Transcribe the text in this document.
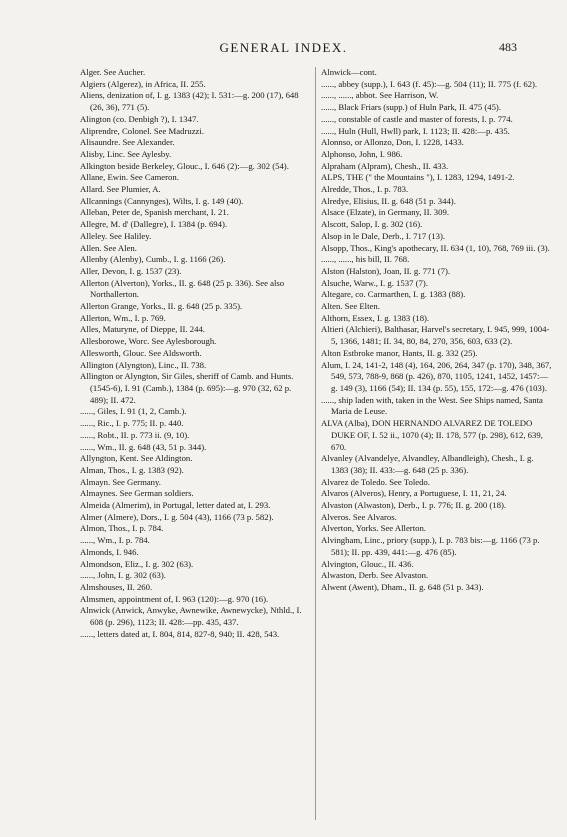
GENERAL INDEX.	483

Alger. See Aucher.

Algiers (Algerez), in Africa, II. 255.

Aliens, denization of, I. g. 1383 (42); I. 531:—g. 200 (17), 648 (26, 36), 771 (5).

Alington (co. Denbigh ?), I. 1347.

Aliprendre, Colonel. See Madruzzi.

Alisaundre. See Alexander.

Alisby, Linc. See Aylesby.

Alkington beside Berkeley, Glouc., I. 646 (2):—g. 302 (54).

Allane, Ewin. See Cameron.

Allard. See Plumier, A.

Allcannings (Cannynges), Wilts, I. g. 149 (40).

Alleban, Peter de, Spanish merchant, I. 21.

Allegre, M. d' (Dallegre), I. 1384 (p. 694).

Alleley. See Haliley.

Allen. See Alen.

Allenby (Alenby), Cumb., I. g. 1166 (26).

Aller, Devon, I. g. 1537 (23).

Allerton (Alverton), Yorks., II. g. 648 (25 p. 336). See also Northallerton.

Allerton Grange, Yorks., II. g. 648 (25 p. 335).

Allerton, Wm., I. p. 769.

Alles, Maturyne, of Dieppe, II. 244.

Allesborowe, Worc. See Aylesborough.

Allesworth, Glouc. See Aldsworth.

Allington (Alyngton), Linc., II. 738.

Allington or Alyngton, Sir Giles, sheriff of Camb. and Hunts. (1545-6), I. 91 (Camb.), 1384 (p. 695):—g. 970 (32, 62 p. 489); II. 472.

......, Giles, I. 91 (1, 2, Camb.).

......, Ric., I. p. 775; II. p. 440.

......, Robt., II. p. 773 ii. (9, 10).

......, Wm., II. g. 648 (43, 51 p. 344).

Allyngton, Kent. See Aldington.

Alman, Thos., I. g. 1383 (92).

Almayn. See Germany.

Almaynes. See German soldiers.

Almeida (Almerim), in Portugal, letter dated at, I. 293.

Almer (Almere), Dors., I. g. 504 (43), 1166 (73 p. 582).

Almon, Thos., I. p. 784.

......, Wm., I. p. 784.

Almonds, I. 946.

Almondson, Eliz., I. g. 302 (63).

......, John, I. g. 302 (63).

Almshouses, II. 260.

Almsmen, appointment of, I. 963 (120):—g. 970 (16).

Alnwick (Anwick, Anwyke, Awnewike, Awnewycke), Nthld., I. 608 (p. 296), 1123; II. 428:—pp. 435, 437.

......, letters dated at, I. 804, 814, 827-8, 940; II. 428, 543.

Alnwick—cont.

......, abbey (supp.), I. 643 (f. 45):—g. 504 (11); II. 775 (f. 62).

......, ......, abbot. See Harrison, W.

......, Black Friars (supp.) of Huln Park, II. 475 (45).

......, constable of castle and master of forests, I. p. 774.

......, Huln (Hull, Hwll) park, I. 1123; II. 428:—p. 435.

Alonnso, or Allonzo, Don, I. 1228, 1433.

Alphonso, John, I. 986.

Alpraham (Alpram), Chesh., II. 433.

ALPS, THE (" the Mountains "), I. 1283, 1294, 1491-2.

Alredde, Thos., I. p. 783.

Alredye, Elisius, II. g. 648 (51 p. 344).

Alsace (Elzate), in Germany, II. 309.

Alscott, Salop, I. g. 302 (16).

Alsop in le Dale, Derb., I. 717 (13).

Alsopp, Thos., King's apothecary, II. 634 (1, 10), 768, 769 iii. (3).

......, ......, his bill, II. 768.

Alston (Halston), Joan, II. g. 771 (7).

Alsuche, Warw., I. g. 1537 (7).

Altegare, co. Carmarthen, I. g. 1383 (88).

Alten. See Elten.

Althorn, Essex, I. g. 1383 (18).

Altieri (Alchieri), Balthasar, Harvel's secretary, I. 945, 999, 1004-5, 1366, 1481; II. 34, 80, 84, 270, 356, 603, 633 (2).

Alton Estbroke manor, Hants, II. g. 332 (25).

Alum, I. 24, 141-2, 148 (4), 164, 206, 264, 347 (p. 170), 348, 367, 549, 573, 788-9, 868 (p. 426), 870, 1105, 1241, 1452, 1457:—g. 149 (3), 1166 (54); II. 134 (p. 55), 155, 172:—g. 476 (103).

......, ship laden with, taken in the West. See Ships named, Santa Maria de Leuse.

ALVA (Alba), DON HERNANDO ALVAREZ DE TOLEDO DUKE OF, I. 52 ii., 1070 (4); II. 178, 577 (p. 298), 612, 639, 670.

Alvanley (Alvandelye, Alvandley, Albandleigh), Chesh., I. g. 1383 (38); II. 433:—g. 648 (25 p. 336).

Alvarez de Toledo. See Toledo.

Alvaros (Alveros), Henry, a Portuguese, I. 11, 21, 24.

Alvaston (Alwaston), Derb., I. p. 776; II. g. 200 (18).

Alveros. See Alvaros.

Alverton, Yorks. See Allerton.

Alvingham, Linc., priory (supp.), I. p. 783 bis:—g. 1166 (73 p. 581); II. pp. 439, 441:—g. 476 (85).

Alvington, Glouc., II. 436.

Alwaston, Derb. See Alvaston.

Alwent (Awent), Dham., II. g. 648 (51 p. 343).
